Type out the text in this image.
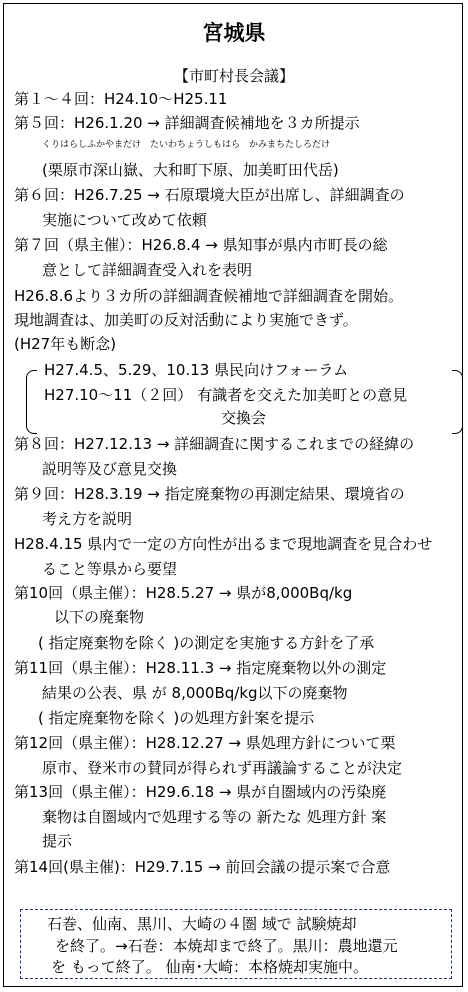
宮城県
【市町村長会議】
第１～４回：H24.10～H25.11
第５回：H26.1.20 → 詳細調査候補地を３カ所提示
くりはらしふかやまだけ　たいわちょうしもはら　かみまちたしろだけ
(栗原市深山嶽、大和町下原、加美町田代岳)
第６回：H26.7.25 → 石原環境大臣が出席し、詳細調査の
実施について改めて依頼
第７回（県主催）：H26.8.4 → 県知事が県内市町長の総
意として詳細調査受入れを表明
H26.8.6より３カ所の詳細調査候補地で詳細調査を開始。
現地調査は、加美町の反対活動により実施できず。
(H27年も断念)
H27.4.5、5.29、10.13 県民向けフォーラム
H27.10～11（２回） 有識者を交えた加美町との意見
交換会
第８回：H27.12.13 → 詳細調査に関するこれまでの経緯の
説明等及び意見交換
第９回：H28.3.19 → 指定廃棄物の再測定結果、環境省の
考え方を説明
H28.4.15 県内で一定の方向性が出るまで現地調査を見合わせ
ること等県から要望
第10回（県主催）：H28.5.27 → 県が8,000Bq/kg
以下の廃棄物
( 指定廃棄物を除く )の測定を実施する方針を了承
第11回（県主催）：H28.11.3 → 指定廃棄物以外の測定
結果の公表、県 が 8,000Bq/kg以下の廃棄物
( 指定廃棄物を除く )の処理方針案を提示
第12回（県主催）：H28.12.27 → 県処理方針について栗
原市、登米市の賛同が得られず再議論することが決定
第13回（県主催）：H29.6.18 → 県が自圏域内の汚染廃
棄物は自圏域内で処理する等の 新たな 処理方針 案
提示
第14回(県主催)：H29.7.15 → 前回会議の提示案で合意
石巻、仙南、黒川、大崎の４圏 域で 試験焼却
を終了。→石巻：本焼却まで終了。黒川：農地還元
を もって終了。 仙南･大崎：本格焼却実施中。
